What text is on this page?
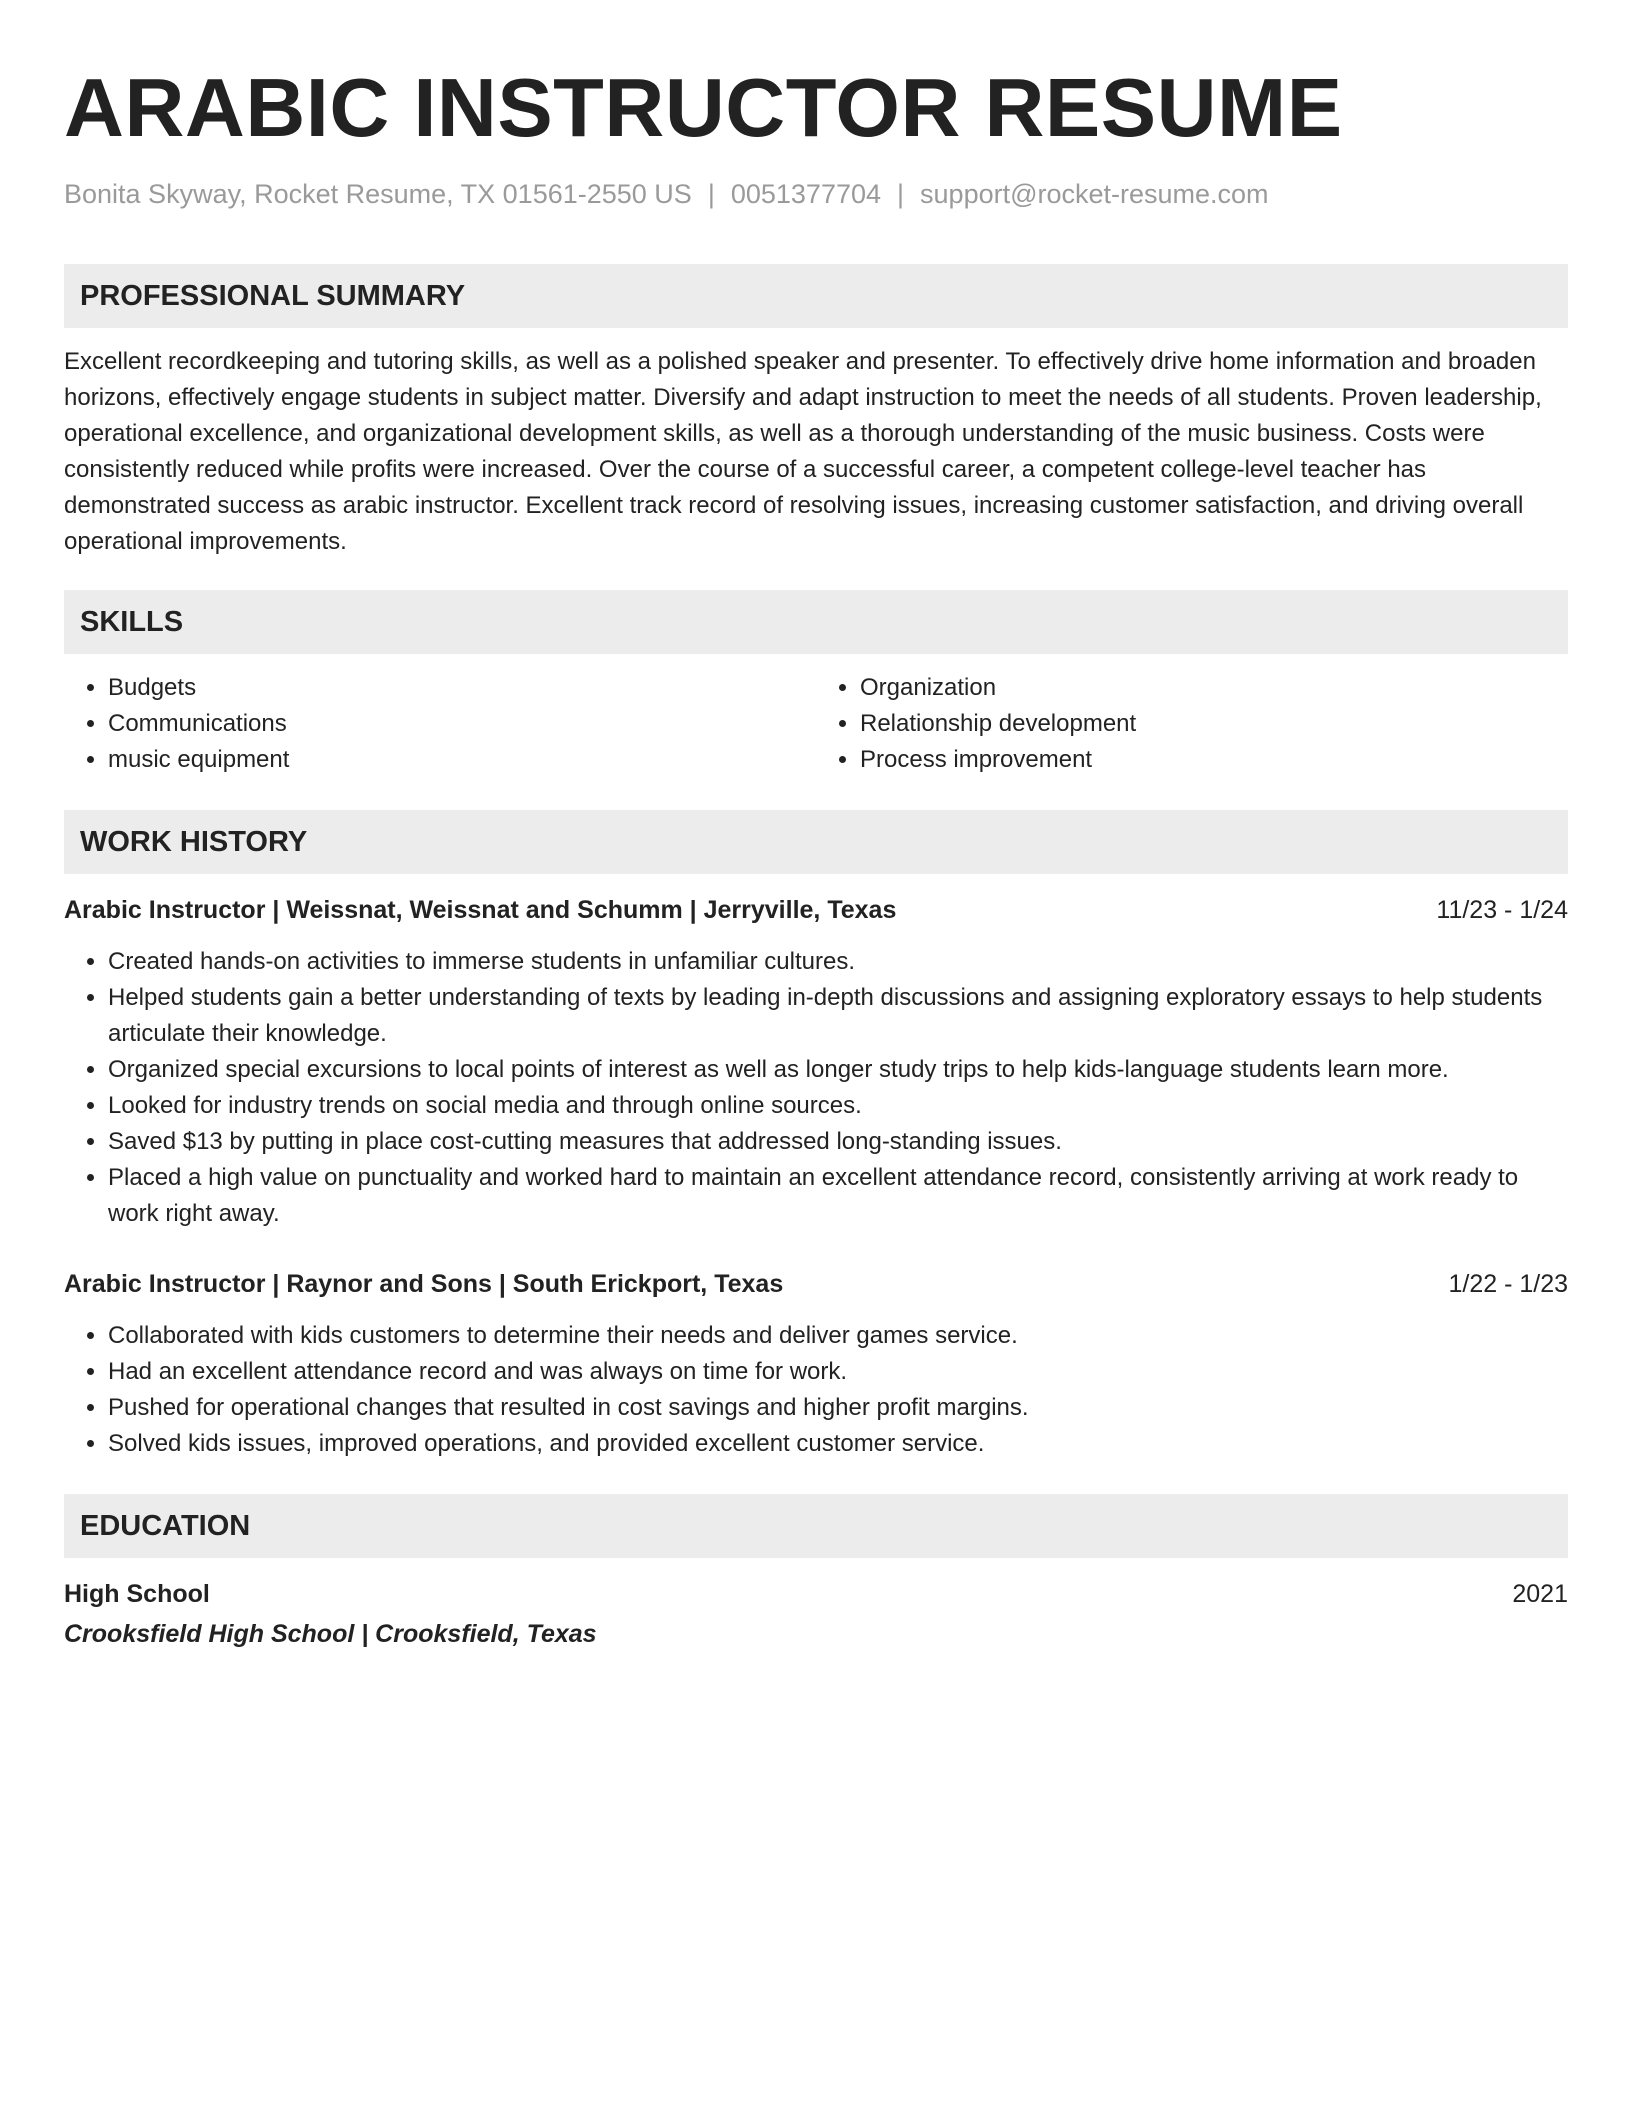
ARABIC INSTRUCTOR RESUME
Bonita Skyway, Rocket Resume, TX 01561-2550 US | 0051377704 | support@rocket-resume.com
PROFESSIONAL SUMMARY

Excellent recordkeeping and tutoring skills, as well as a polished speaker and presenter. To effectively drive home information and broaden horizons, effectively engage students in subject matter. Diversify and adapt instruction to meet the needs of all students. Proven leadership, operational excellence, and organizational development skills, as well as a thorough understanding of the music business. Costs were consistently reduced while profits were increased. Over the course of a successful career, a competent college-level teacher has demonstrated success as arabic instructor. Excellent track record of resolving issues, increasing customer satisfaction, and driving overall operational improvements.

SKILLS
• Budgets
• Communications
• music equipment
• Organization
• Relationship development
• Process improvement
WORK HISTORY
Arabic Instructor | Weissnat, Weissnat and Schumm | Jerryville, Texas	11/23 - 1/24
• Created hands-on activities to immerse students in unfamiliar cultures.
• Helped students gain a better understanding of texts by leading in-depth discussions and assigning exploratory essays to help students articulate their knowledge.
• Organized special excursions to local points of interest as well as longer study trips to help kids-language students learn more.
• Looked for industry trends on social media and through online sources.
• Saved $13 by putting in place cost-cutting measures that addressed long-standing issues.
• Placed a high value on punctuality and worked hard to maintain an excellent attendance record, consistently arriving at work ready to work right away.
Arabic Instructor | Raynor and Sons | South Erickport, Texas	1/22 - 1/23
• Collaborated with kids customers to determine their needs and deliver games service.
• Had an excellent attendance record and was always on time for work.
• Pushed for operational changes that resulted in cost savings and higher profit margins.
• Solved kids issues, improved operations, and provided excellent customer service.
EDUCATION
High School	2021
Crooksfield High School | Crooksfield, Texas
